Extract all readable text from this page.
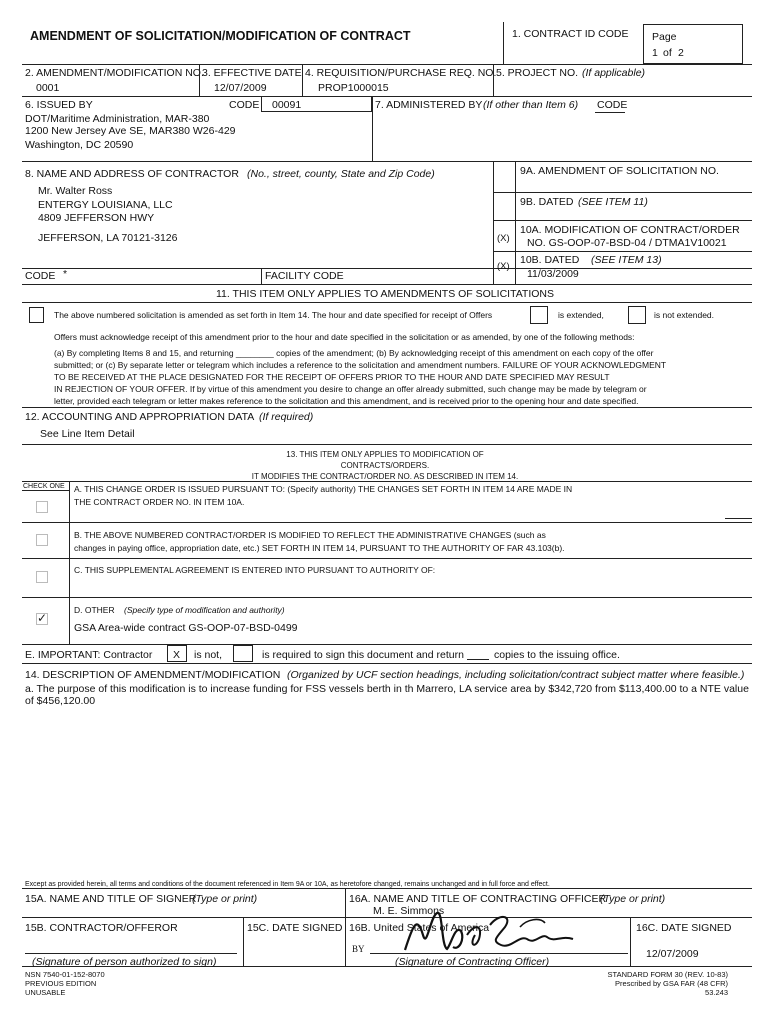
AMENDMENT OF SOLICITATION/MODIFICATION OF CONTRACT	1. CONTRACT ID CODE Page
1 of 2
2. AMENDMENT/MODIFICATION NO.
0001
3. EFFECTIVE DATE
12/07/2009
4. REQUISITION/PURCHASE REQ. NO.
PROP1000015
5. PROJECT NO. (If applicable)
6. ISSUED BY	CODE 00091
DOT/Maritime Administration, MAR-380
1200 New Jersey Ave SE, MAR380 W26-429
Washington, DC 20590
7. ADMINISTERED BY (If other than Item 6) CODE
8. NAME AND ADDRESS OF CONTRACTOR (No., street, county, State and Zip Code)
Mr. Walter Ross
ENTERGY LOUISIANA, LLC
4809 JEFFERSON HWY
JEFFERSON, LA 70121-3126
CODE *	FACILITY CODE
9A. AMENDMENT OF SOLICITATION NO.
9B. DATED (SEE ITEM 11)
(X)
10A. MODIFICATION OF CONTRACT/ORDER
NO. GS-OOP-07-BSD-04 / DTMA1V10021
(X)
10B. DATED (SEE ITEM 13)
11/03/2009
11. THIS ITEM ONLY APPLIES TO AMENDMENTS OF SOLICITATIONS
The above numbered solicitation is amended as set forth in Item 14. The hour and date specified for receipt of Offers	is extended,	is not extended.
Offers must acknowledge receipt of this amendment prior to the hour and date specified in the solicitation or as amended, by one of the following methods:
(a) By completing Items 8 and 15, and returning ________ copies of the amendment; (b) By acknowledging receipt of this amendment on each copy of the offer
submitted; or (c) By separate letter or telegram which includes a reference to the solicitation and amendment numbers. FAILURE OF YOUR ACKNOWLEDGMENT
TO BE RECEIVED AT THE PLACE DESIGNATED FOR THE RECEIPT OF OFFERS PRIOR TO THE HOUR AND DATE SPECIFIED MAY RESULT
IN REJECTION OF YOUR OFFER. If by virtue of this amendment you desire to change an offer already submitted, such change may be made by telegram or
letter, provided each telegram or letter makes reference to the solicitation and this amendment, and is received prior to the opening hour and date specified.
12. ACCOUNTING AND APPROPRIATION DATA (If required)
See Line Item Detail
13. THIS ITEM ONLY APPLIES TO MODIFICATION OF
CONTRACTS/ORDERS.
IT MODIFIES THE CONTRACT/ORDER NO. AS DESCRIBED IN ITEM 14.
CHECK ONE A. THIS CHANGE ORDER IS ISSUED PURSUANT TO: (Specify authority) THE CHANGES SET FORTH IN ITEM 14 ARE MADE IN
THE CONTRACT ORDER NO. IN ITEM 10A.
B. THE ABOVE NUMBERED CONTRACT/ORDER IS MODIFIED TO REFLECT THE ADMINISTRATIVE CHANGES (such as
changes in paying office, appropriation date, etc.) SET FORTH IN ITEM 14, PURSUANT TO THE AUTHORITY OF FAR 43.103(b).
C. THIS SUPPLEMENTAL AGREEMENT IS ENTERED INTO PURSUANT TO AUTHORITY OF:
D. OTHER (Specify type of modification and authority)
GSA Area-wide contract GS-OOP-07-BSD-0499
✓
E. IMPORTANT: Contractor X is not,	is required to sign this document and return	copies to the issuing office.
14. DESCRIPTION OF AMENDMENT/MODIFICATION (Organized by UCF section headings, including solicitation/contract subject matter where feasible.)
a. The purpose of this modification is to increase funding for FSS vessels berth in th Marrero, LA service area by $342,720 from $113,400.00 to a NTE value
of $456,120.00
Except as provided herein, all terms and conditions of the document referenced in Item 9A or 10A, as heretofore changed, remains unchanged and in full force and effect.
15A. NAME AND TITLE OF SIGNER
(Type or print)	16A. NAME AND TITLE OF CONTRACTING OFFICER
(Type or print)
M. E. Simmons
15B. CONTRACTOR/OFFEROR	15C. DATE SIGNED 16B. United States of America	16C. DATE SIGNED
12/07/2009
BY
(Signature of person authorized to sign)	(Signature of Contracting Officer)
NSN 7540-01-152-8070
PREVIOUS EDITION
UNUSABLE
STANDARD FORM 30 (REV. 10-83)
Prescribed by GSA FAR (48 CFR)
53.243
